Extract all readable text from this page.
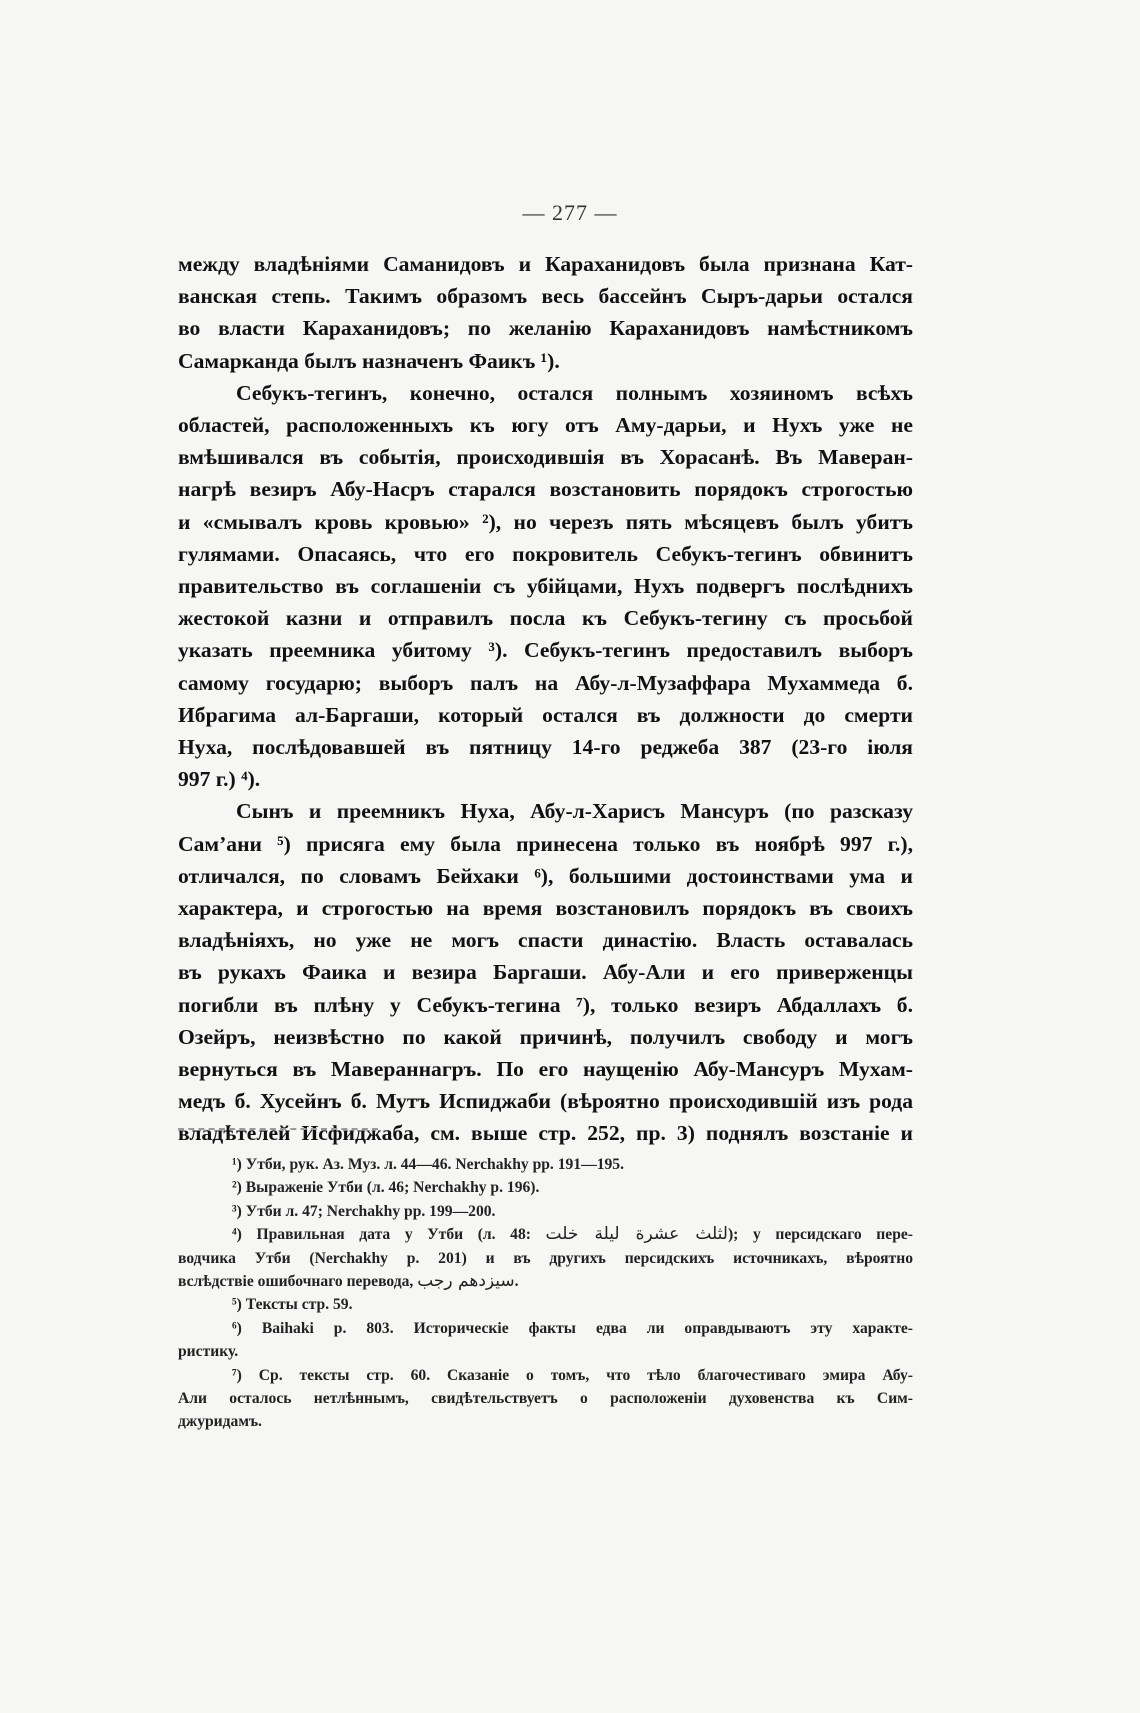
— 277 —

между владѣніями Саманидовъ и Караханидовъ была признана Кат-
ванская степь. Такимъ образомъ весь бассейнъ Сыръ-дарьи остался
во власти Караханидовъ; по желанію Караханидовъ намѣстникомъ
Самарканда былъ назначенъ Фаикъ ¹).

Себукъ-тегинъ, конечно, остался полнымъ хозяиномъ всѣхъ
областей, расположенныхъ къ югу отъ Аму-дарьи, и Нухъ уже не
вмѣшивался въ событія, происходившія въ Хорасанѣ. Въ Маверан-
нагрѣ везиръ Абу-Насръ старался возстановить порядокъ строгостью
и «смывалъ кровь кровью» ²), но черезъ пять мѣсяцевъ былъ убитъ
гулямами. Опасаясь, что его покровитель Себукъ-тегинъ обвинитъ
правительство въ соглашеніи съ убійцами, Нухъ подвергъ послѣднихъ
жестокой казни и отправилъ посла къ Себукъ-тегину съ просьбой
указать преемника убитому ³). Себукъ-тегинъ предоставилъ выборъ
самому государю; выборъ палъ на Абу-л-Музаффара Мухаммеда б.
Ибрагима ал-Баргаши, который остался въ должности до смерти
Нуха, послѣдовавшей въ пятницу 14-го реджеба 387 (23-го іюля
997 г.) ⁴).

Сынъ и преемникъ Нуха, Абу-л-Харисъ Мансуръ (по разсказу
Самʼани ⁵) присяга ему была принесена только въ ноябрѣ 997 г.),
отличался, по словамъ Бейхаки ⁶), большими достоинствами ума и
характера, и строгостью на время возстановилъ порядокъ въ своихъ
владѣніяхъ, но уже не могъ спасти династію. Власть оставалась
въ рукахъ Фаика и везира Баргаши. Абу-Али и его приверженцы
погибли въ плѣну у Себукъ-тегина ⁷), только везиръ Абдаллахъ б.
Озейръ, неизвѣстно по какой причинѣ, получилъ свободу и могъ
вернуться въ Мавераннагръ. По его наущенію Абу-Мансуръ Мухам-
медъ б. Хусейнъ б. Мутъ Испиджаби (вѣроятно происходившій изъ рода
владѣтелей Исфиджаба, см. выше стр. 252, пр. 3) поднялъ возстаніе и

¹) Утби, рук. Аз. Муз. л. 44—46. Nerchakhy pp. 191—195.

²) Выраженіе Утби (л. 46; Nerchakhy p. 196).

³) Утби л. 47; Nerchakhy pp. 199—200.

⁴) Правильная дата у Утби (л. 48: لثلث عشرة ليلة خلت); у персидскаго пере-
водчика Утби (Nerchakhy p. 201) и въ другихъ персидскихъ источникахъ, вѣроятно
вслѣдствіе ошибочнаго перевода, سيزدهم رجب.

⁵) Тексты стр. 59.

⁶) Baihaki p. 803. Историческіе факты едва ли оправдываютъ эту характе-
ристику.
⁷) Ср. тексты стр. 60. Сказаніе о томъ, что тѣло благочестиваго эмира Абу-
Али осталось нетлѣннымъ, свидѣтельствуетъ о расположеніи духовенства къ Сим-
джуридамъ.
